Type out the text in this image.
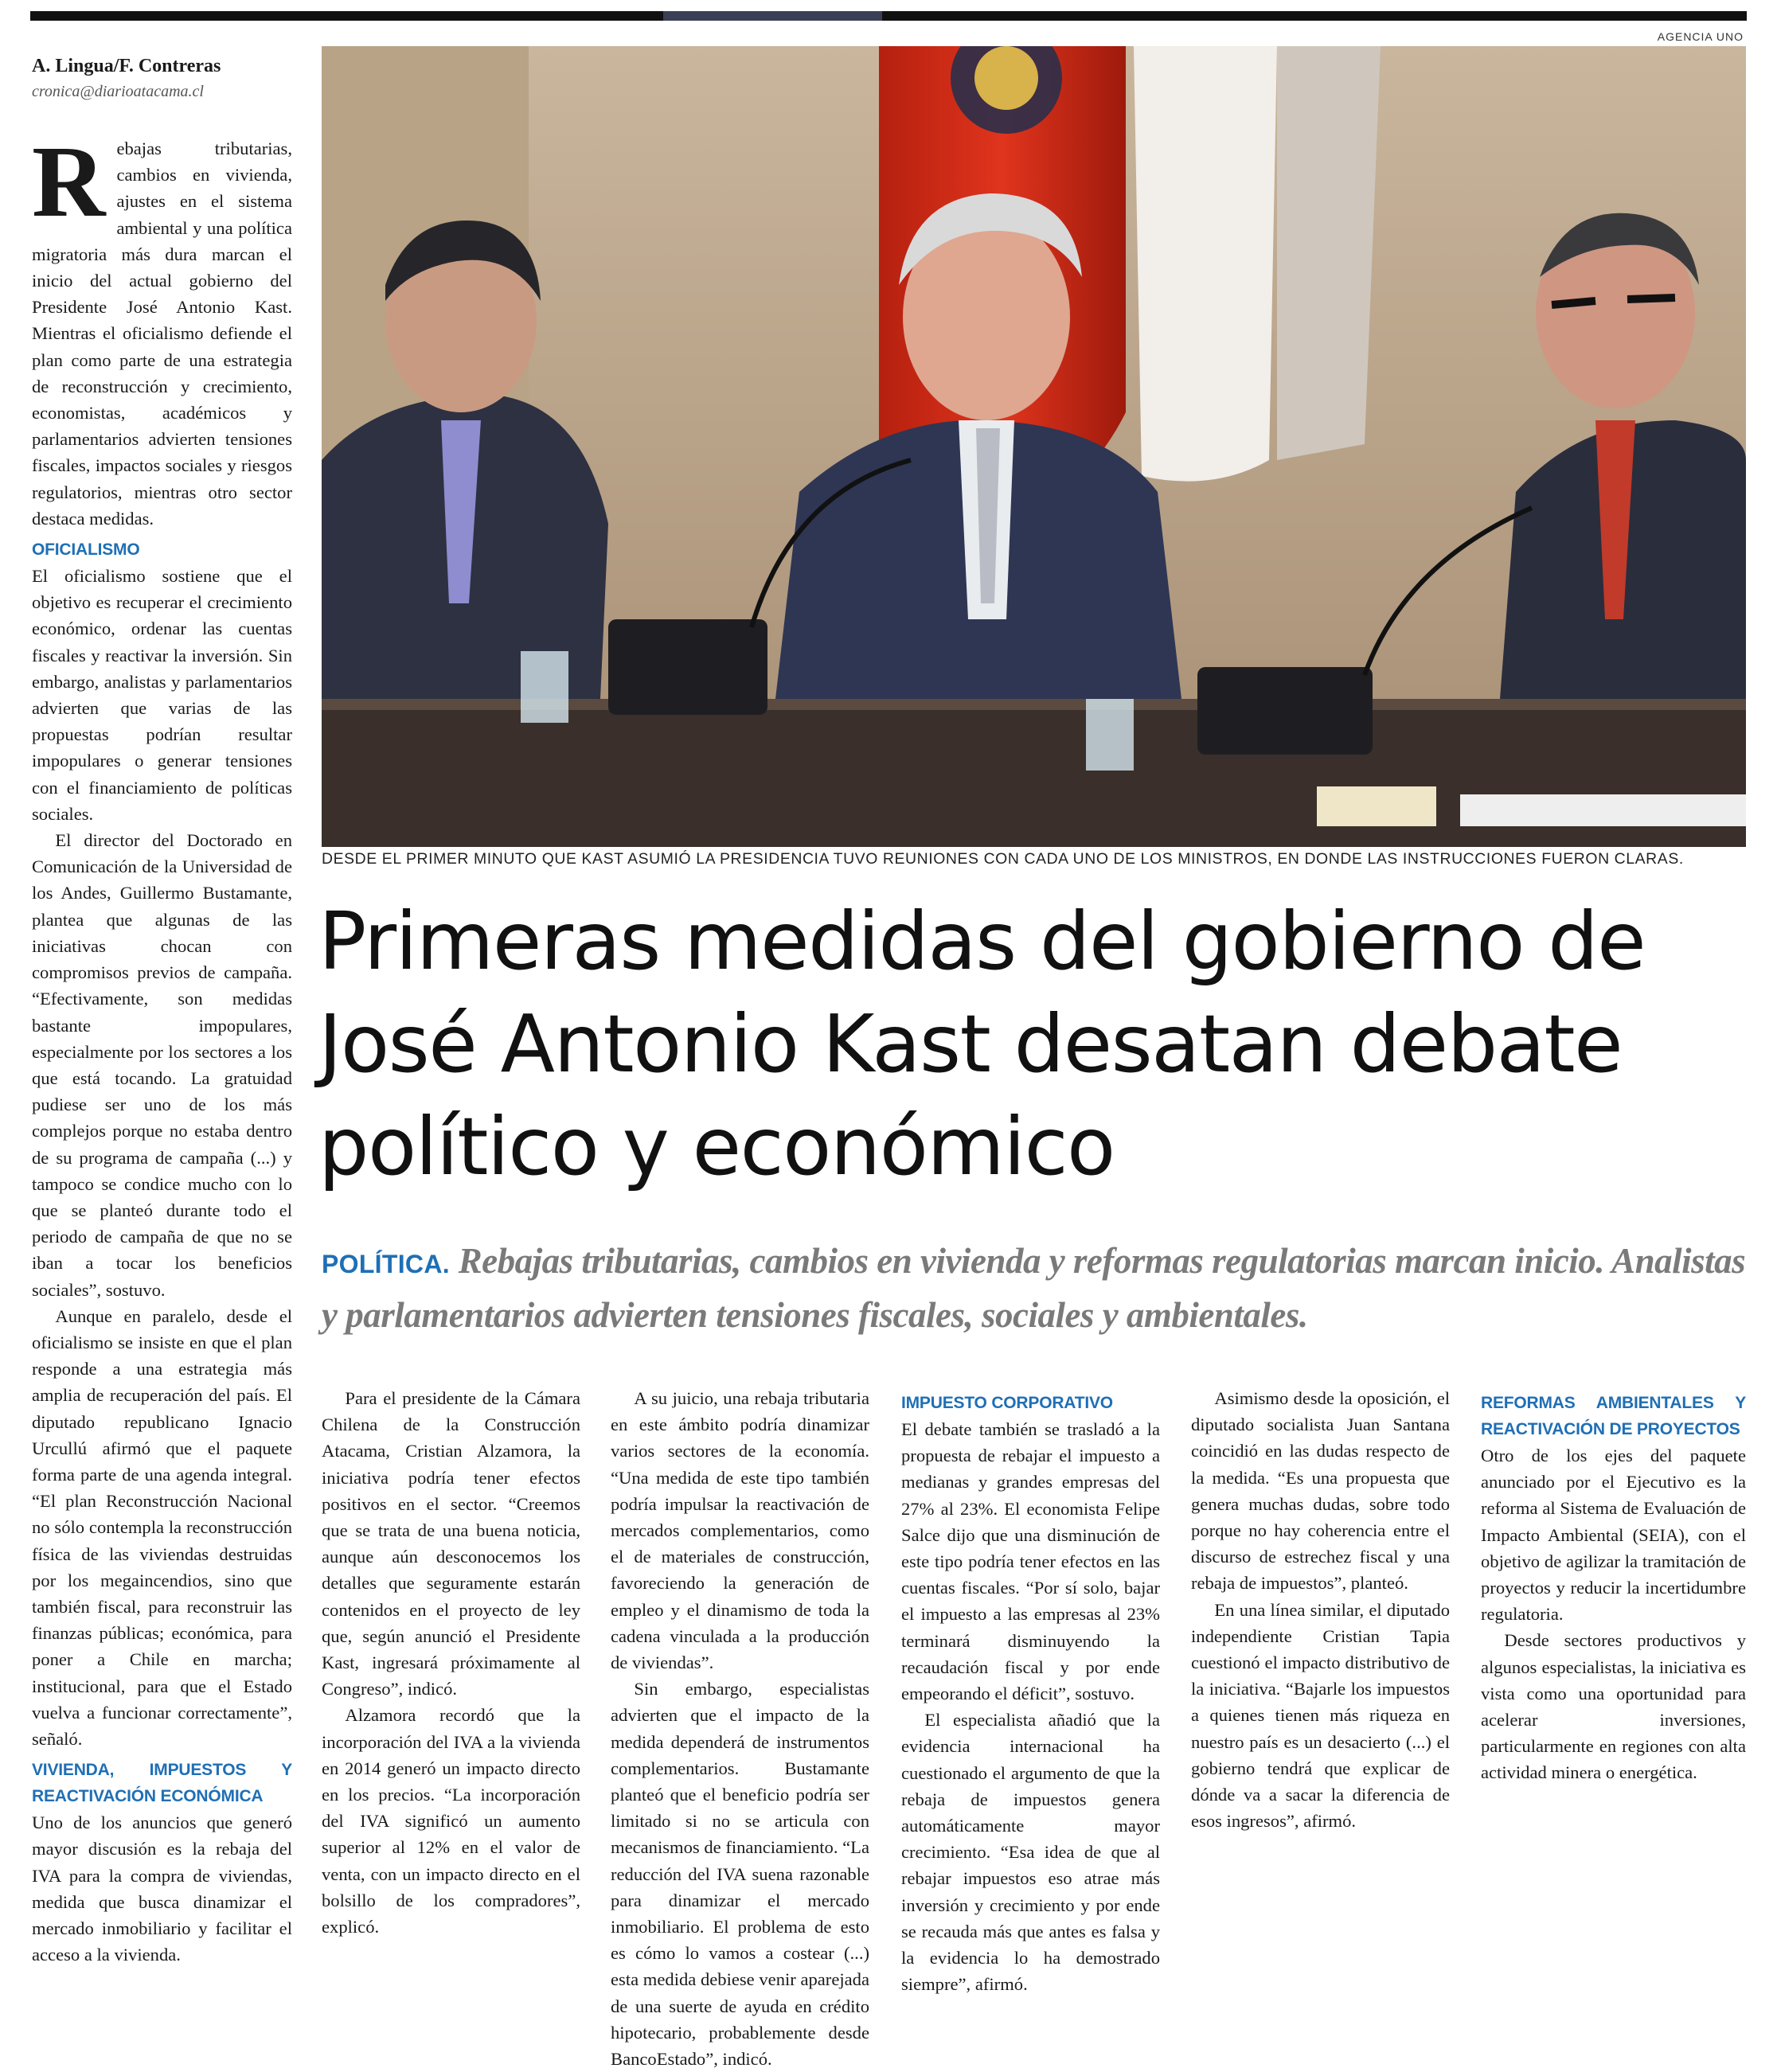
AGENCIA UNO
A. Lingua/F. Contreras
cronica@diarioatacama.cl

Rebajas tributarias, cambios en vivienda, ajustes en el sistema ambiental y una política migratoria más dura marcan el inicio del actual gobierno del Presidente José Antonio Kast. Mientras el oficialismo defiende el plan como parte de una estrategia de reconstrucción y crecimiento, economistas, académicos y parlamentarios advierten tensiones fiscales, impactos sociales y riesgos regulatorios, mientras otro sector destaca medidas.

OFICIALISMO

El oficialismo sostiene que el objetivo es recuperar el crecimiento económico, ordenar las cuentas fiscales y reactivar la inversión. Sin embargo, analistas y parlamentarios advierten que varias de las propuestas podrían resultar impopulares o generar tensiones con el financiamiento de políticas sociales.

El director del Doctorado en Comunicación de la Universidad de los Andes, Guillermo Bustamante, plantea que algunas de las iniciativas chocan con compromisos previos de campaña. “Efectivamente, son medidas bastante impopulares, especialmente por los sectores a los que está tocando. La gratuidad pudiese ser uno de los más complejos porque no estaba dentro de su programa de campaña (...) y tampoco se condice mucho con lo que se planteó durante todo el periodo de campaña de que no se iban a tocar los beneficios sociales”, sostuvo.

Aunque en paralelo, desde el oficialismo se insiste en que el plan responde a una estrategia más amplia de recuperación del país. El diputado republicano Ignacio Urcullú afirmó que el paquete forma parte de una agenda integral. “El plan Reconstrucción Nacional no sólo contempla la reconstrucción física de las viviendas destruidas por los megaincendios, sino que también fiscal, para reconstruir las finanzas públicas; económica, para poner a Chile en marcha; institucional, para que el Estado vuelva a funcionar correctamente”, señaló.

VIVIENDA, IMPUESTOS Y REACTIVACIÓN ECONÓMICA

Uno de los anuncios que generó mayor discusión es la rebaja del IVA para la compra de viviendas, medida que busca dinamizar el mercado inmobiliario y facilitar el acceso a la vivienda.

Para el presidente de la Cámara Chilena de la Construcción Atacama, Cristian Alzamora, la iniciativa podría tener efectos positivos en el sector. “Creemos que se trata de una buena noticia, aunque aún desconocemos los detalles que seguramente estarán contenidos en el proyecto de ley que, según anunció el Presidente Kast, ingresará próximamente al Congreso”, indicó.

Alzamora recordó que la incorporación del IVA a la vivienda en 2014 generó un impacto directo en los precios. “La incorporación del IVA significó un aumento superior al 12% en el valor de venta, con un impacto directo en el bolsillo de los compradores”, explicó.

A su juicio, una rebaja tributaria en este ámbito podría dinamizar varios sectores de la economía. “Una medida de este tipo también podría impulsar la reactivación de mercados complementarios, como el de materiales de construcción, favoreciendo la generación de empleo y el dinamismo de toda la cadena vinculada a la producción de viviendas”.

Sin embargo, especialistas advierten que el impacto de la medida dependerá de instrumentos complementarios. Bustamante planteó que el beneficio podría ser limitado si no se articula con mecanismos de financiamiento. “La reducción del IVA suena razonable para dinamizar el mercado inmobiliario. El problema de esto es cómo lo vamos a costear (...) esta medida debiese venir aparejada de una suerte de ayuda en crédito hipotecario, probablemente desde BancoEstado”, indicó.

IMPUESTO CORPORATIVO

El debate también se trasladó a la propuesta de rebajar el impuesto a medianas y grandes empresas del 27% al 23%. El economista Felipe Salce dijo que una disminución de este tipo podría tener efectos en las cuentas fiscales. “Por sí solo, bajar el impuesto a las empresas al 23% terminará disminuyendo la recaudación fiscal y por ende empeorando el déficit”, sostuvo.

El especialista añadió que la evidencia internacional ha cuestionado el argumento de que la rebaja de impuestos genera automáticamente mayor crecimiento. “Esa idea de que al rebajar impuestos eso atrae más inversión y crecimiento y por ende se recauda más que antes es falsa y la evidencia lo ha demostrado siempre”, afirmó.

Asimismo desde la oposición, el diputado socialista Juan Santana coincidió en las dudas respecto de la medida. “Es una propuesta que genera muchas dudas, sobre todo porque no hay coherencia entre el discurso de estrechez fiscal y una rebaja de impuestos”, planteó.

En una línea similar, el diputado independiente Cristian Tapia cuestionó el impacto distributivo de la iniciativa. “Bajarle los impuestos a quienes tienen más riqueza en nuestro país es un desacierto (...) el gobierno tendrá que explicar de dónde va a sacar la diferencia de esos ingresos”, afirmó.

REFORMAS AMBIENTALES Y REACTIVACIÓN DE PROYECTOS

Otro de los ejes del paquete anunciado por el Ejecutivo es la reforma al Sistema de Evaluación de Impacto Ambiental (SEIA), con el objetivo de agilizar la tramitación de proyectos y reducir la incertidumbre regulatoria.

Desde sectores productivos y algunos especialistas, la iniciativa es vista como una oportunidad para acelerar inversiones, particularmente en regiones con alta actividad minera o energética.

DESDE EL PRIMER MINUTO QUE KAST ASUMIÓ LA PRESIDENCIA TUVO REUNIONES CON CADA UNO DE LOS MINISTROS, EN DONDE LAS INSTRUCCIONES FUERON CLARAS.
Primeras medidas del gobierno de José Antonio Kast desatan debate político y económico

POLÍTICA. Rebajas tributarias, cambios en vivienda y reformas regulatorias marcan inicio. Analistas y parlamentarios advierten tensiones fiscales, sociales y ambientales.
